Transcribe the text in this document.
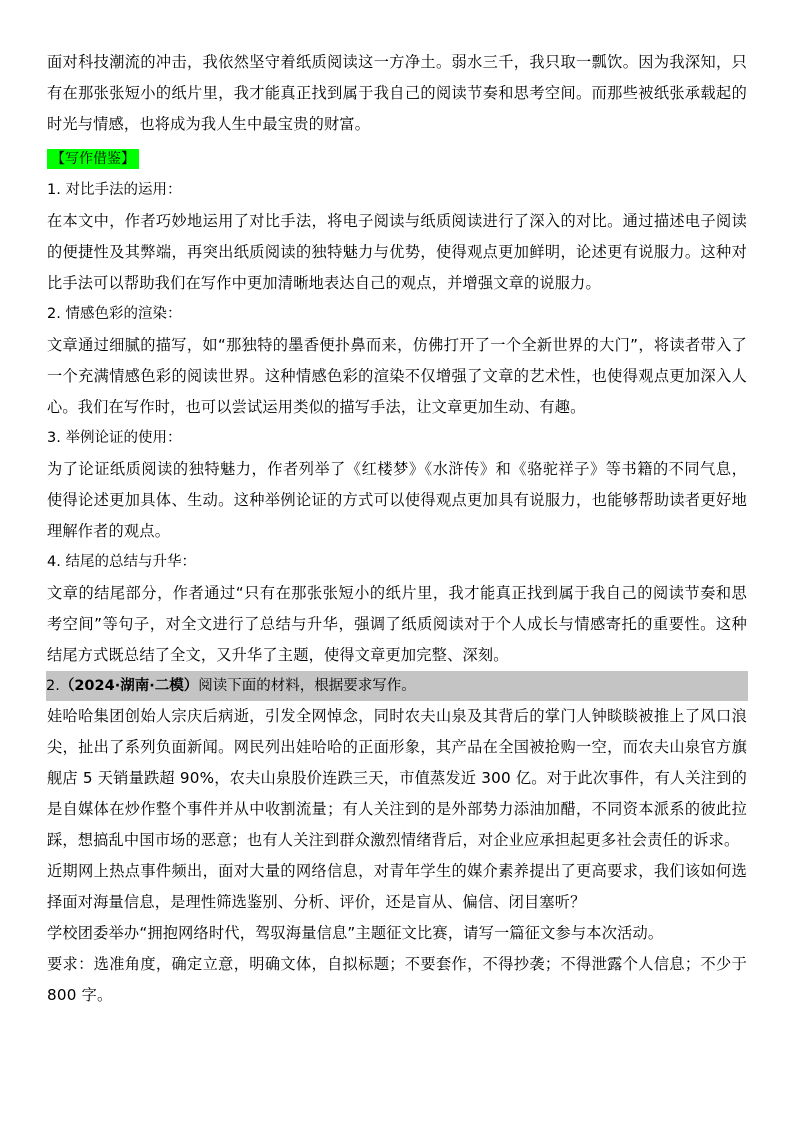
面对科技潮流的冲击，我依然坚守着纸质阅读这一方净土。弱水三千，我只取一瓢饮。因为我深知，只有在那张张短小的纸片里，我才能真正找到属于我自己的阅读节奏和思考空间。而那些被纸张承载起的时光与情感，也将成为我人生中最宝贵的财富。

【写作借鉴】

1. 对比手法的运用：

在本文中，作者巧妙地运用了对比手法，将电子阅读与纸质阅读进行了深入的对比。通过描述电子阅读的便捷性及其弊端，再突出纸质阅读的独特魅力与优势，使得观点更加鲜明，论述更有说服力。这种对比手法可以帮助我们在写作中更加清晰地表达自己的观点，并增强文章的说服力。

2. 情感色彩的渲染：

文章通过细腻的描写，如“那独特的墨香便扑鼻而来，仿佛打开了一个全新世界的大门”，将读者带入了一个充满情感色彩的阅读世界。这种情感色彩的渲染不仅增强了文章的艺术性，也使得观点更加深入人心。我们在写作时，也可以尝试运用类似的描写手法，让文章更加生动、有趣。

3. 举例论证的使用：

为了论证纸质阅读的独特魅力，作者列举了《红楼梦》《水浒传》和《骆驼祥子》等书籍的不同气息，使得论述更加具体、生动。这种举例论证的方式可以使得观点更加具有说服力，也能够帮助读者更好地理解作者的观点。

4. 结尾的总结与升华：

文章的结尾部分，作者通过“只有在那张张短小的纸片里，我才能真正找到属于我自己的阅读节奏和思考空间”等句子，对全文进行了总结与升华，强调了纸质阅读对于个人成长与情感寄托的重要性。这种结尾方式既总结了全文，又升华了主题，使得文章更加完整、深刻。

2.（2024·湖南·二模）阅读下面的材料，根据要求写作。

娃哈哈集团创始人宗庆后病逝，引发全网悼念，同时农夫山泉及其背后的掌门人钟睒睒被推上了风口浪尖，扯出了系列负面新闻。网民列出娃哈哈的正面形象，其产品在全国被抢购一空，而农夫山泉官方旗舰店 5 天销量跌超 90%，农夫山泉股价连跌三天，市值蒸发近 300 亿。对于此次事件，有人关注到的是自媒体在炒作整个事件并从中收割流量；有人关注到的是外部势力添油加醋，不同资本派系的彼此拉踩，想搞乱中国市场的恶意；也有人关注到群众激烈情绪背后，对企业应承担起更多社会责任的诉求。

近期网上热点事件频出，面对大量的网络信息，对青年学生的媒介素养提出了更高要求，我们该如何选择面对海量信息，是理性筛选鉴别、分析、评价，还是盲从、偏信、闭目塞听？

学校团委举办“拥抱网络时代，驾驭海量信息”主题征文比赛，请写一篇征文参与本次活动。

要求：选准角度，确定立意，明确文体，自拟标题；不要套作，不得抄袭；不得泄露个人信息；不少于 800 字。
